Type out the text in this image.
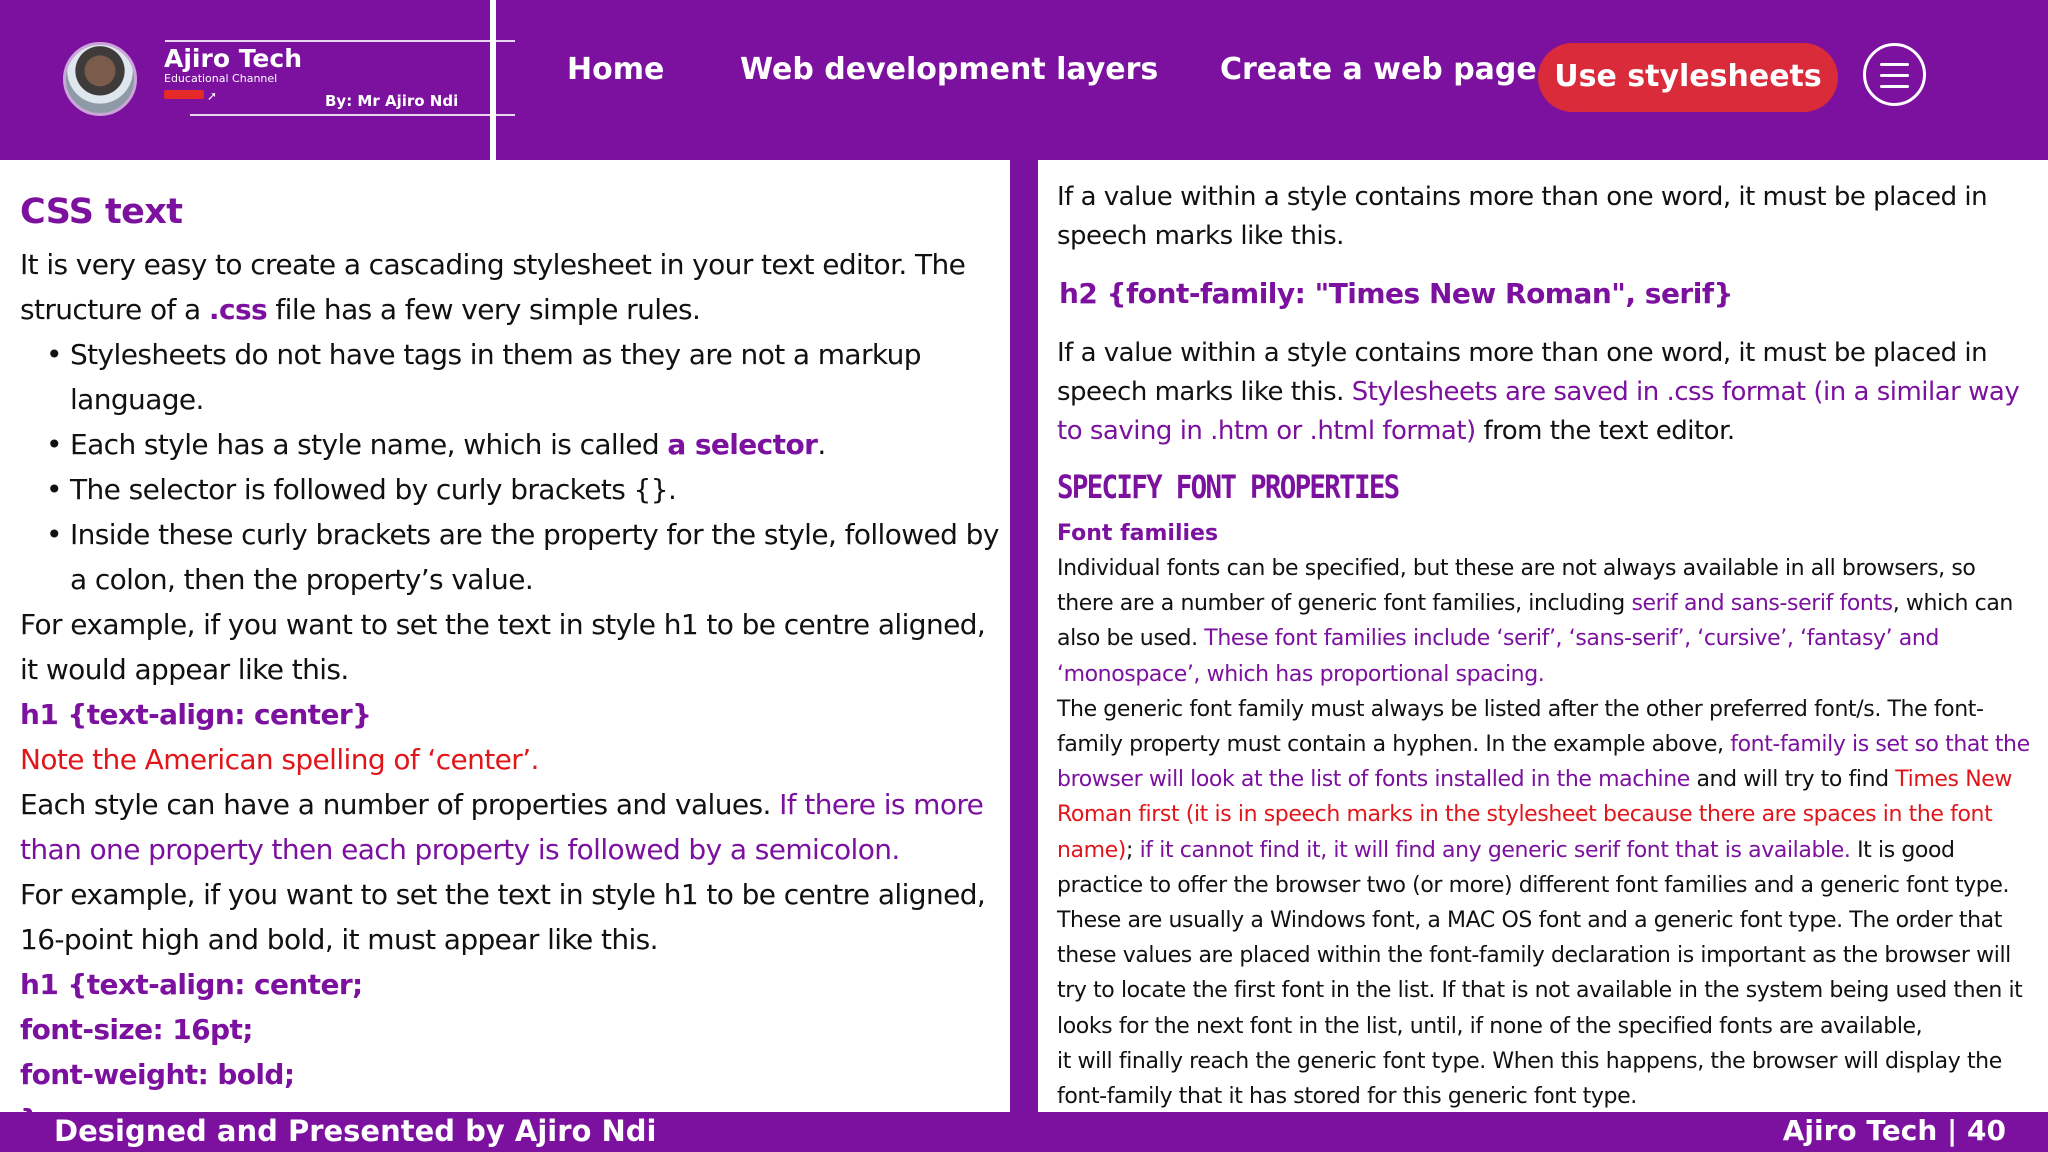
Ajiro Tech
Educational Channel
➚	By: Mr Ajiro Ndi
Home	Web development layers Create a web page Use stylesheets
CSS text

It is very easy to create a cascading stylesheet in your text editor. The structure of a .css file has a few very simple rules.

• Stylesheets do not have tags in them as they are not a markup language.
• Each style has a style name, which is called a selector.
• The selector is followed by curly brackets {}.
• Inside these curly brackets are the property for the style, followed by a colon, then the property’s value.

For example, if you want to set the text in style h1 to be centre aligned, it would appear like this.

h1 {text-align: center}

Note the American spelling of ‘center’.

Each style can have a number of properties and values. If there is more than one property then each property is followed by a semicolon.

For example, if you want to set the text in style h1 to be centre aligned, 16-point high and bold, it must appear like this.

h1 {text-align: center;

font-size: 16pt;

font-weight: bold;

If a value within a style contains more than one word, it must be placed in speech marks like this.

h2 {font-family: "Times New Roman", serif}

If a value within a style contains more than one word, it must be placed in speech marks like this. Stylesheets are saved in .css format (in a similar way to saving in .htm or .html format) from the text editor.

SPECIFY FONT PROPERTIES
Font families

Individual fonts can be specified, but these are not always available in all browsers, so there are a number of generic font families, including serif and sans-serif fonts, which can also be used. These font families include ‘serif’, ‘sans-serif’, ‘cursive’, ‘fantasy’ and ‘monospace’, which has proportional spacing.

The generic font family must always be listed after the other preferred font/s. The font-family property must contain a hyphen. In the example above, font-family is set so that the browser will look at the list of fonts installed in the machine and will try to find Times New Roman first (it is in speech marks in the stylesheet because there are spaces in the font name); if it cannot find it, it will find any generic serif font that is available. It is good practice to offer the browser two (or more) different font families and a generic font type. These are usually a Windows font, a MAC OS font and a generic font type. The order that these values are placed within the font-family declaration is important as the browser will try to locate the first font in the list. If that is not available in the system being used then it looks for the next font in the list, until, if none of the specified fonts are available,

it will finally reach the generic font type. When this happens, the browser will display the font-family that it has stored for this generic font type.

Designed and Presented by Ajiro Ndi	Ajiro Tech | 40
